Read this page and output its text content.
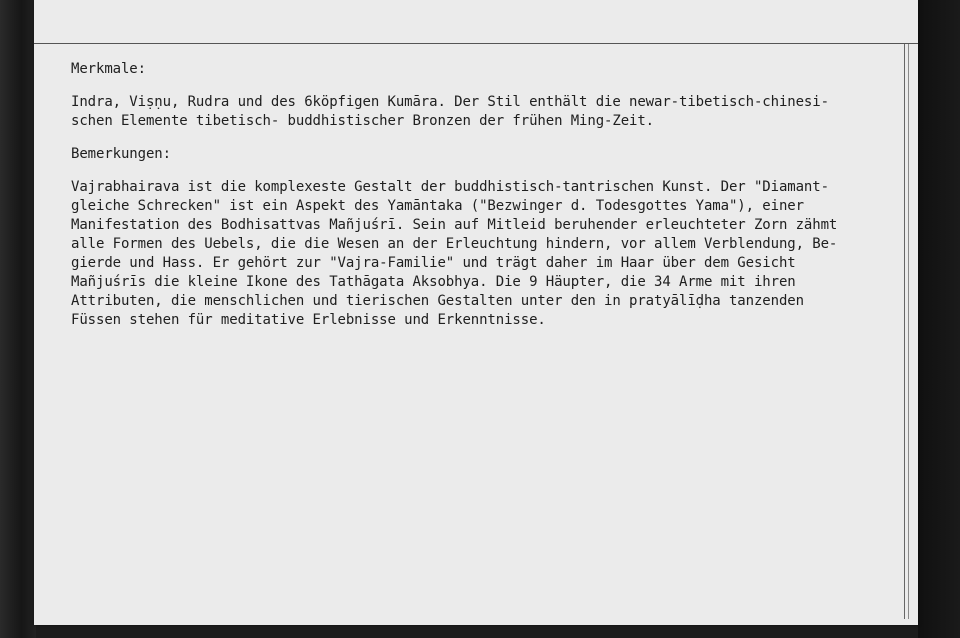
Merkmale:
Indra, Viṣṇu, Rudra und des 6köpfigen Kumāra. Der Stil enthält die newar-tibetisch-chinesi-
schen Elemente tibetisch- buddhistischer Bronzen der frühen Ming-Zeit.
Bemerkungen:
Vajrabhairava ist die komplexeste Gestalt der buddhistisch-tantrischen Kunst. Der "Diamant-
gleiche Schrecken" ist ein Aspekt des Yamāntaka ("Bezwinger d. Todesgottes Yama"), einer
Manifestation des Bodhisattvas Mañjuśrī. Sein auf Mitleid beruhender erleuchteter Zorn zähmt
alle Formen des Uebels, die die Wesen an der Erleuchtung hindern, vor allem Verblendung, Be-
gierde und Hass. Er gehört zur "Vajra-Familie" und trägt daher im Haar über dem Gesicht
Mañjuśrīs die kleine Ikone des Tathāgata Aksobhya. Die 9 Häupter, die 34 Arme mit ihren
Attributen, die menschlichen und tierischen Gestalten unter den in pratyālīḍha tanzenden
Füssen stehen für meditative Erlebnisse und Erkenntnisse.
